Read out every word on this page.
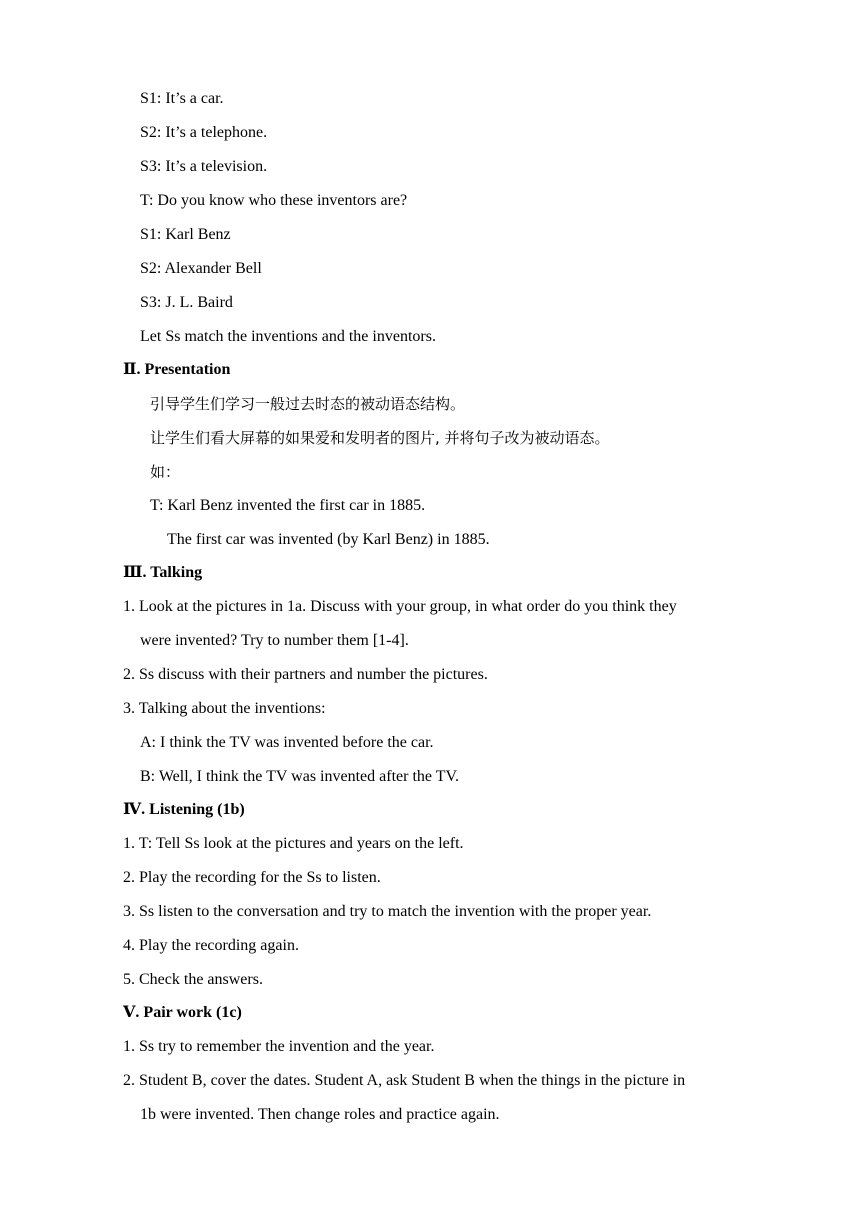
S1: It’s a car.
S2: It’s a telephone.
S3: It’s a television.
T: Do you know who these inventors are?
S1: Karl Benz
S2: Alexander Bell
S3: J. L. Baird
Let Ss match the inventions and the inventors.
Ⅱ. Presentation
引导学生们学习一般过去时态的被动语态结构。
让学生们看大屏幕的如果爱和发明者的图片, 并将句子改为被动语态。
如：
T: Karl Benz invented the first car in 1885.
The first car was invented (by Karl Benz) in 1885.
Ⅲ. Talking
1. Look at the pictures in 1a. Discuss with your group, in what order do you think they
were invented? Try to number them [1-4].
2. Ss discuss with their partners and number the pictures.
3. Talking about the inventions:
A: I think the TV was invented before the car.
B: Well, I think the TV was invented after the TV.
Ⅳ. Listening (1b)
1. T: Tell Ss look at the pictures and years on the left.
2. Play the recording for the Ss to listen.
3. Ss listen to the conversation and try to match the invention with the proper year.
4. Play the recording again.
5. Check the answers.
Ⅴ. Pair work (1c)
1. Ss try to remember the invention and the year.
2. Student B, cover the dates. Student A, ask Student B when the things in the picture in
1b were invented. Then change roles and practice again.
